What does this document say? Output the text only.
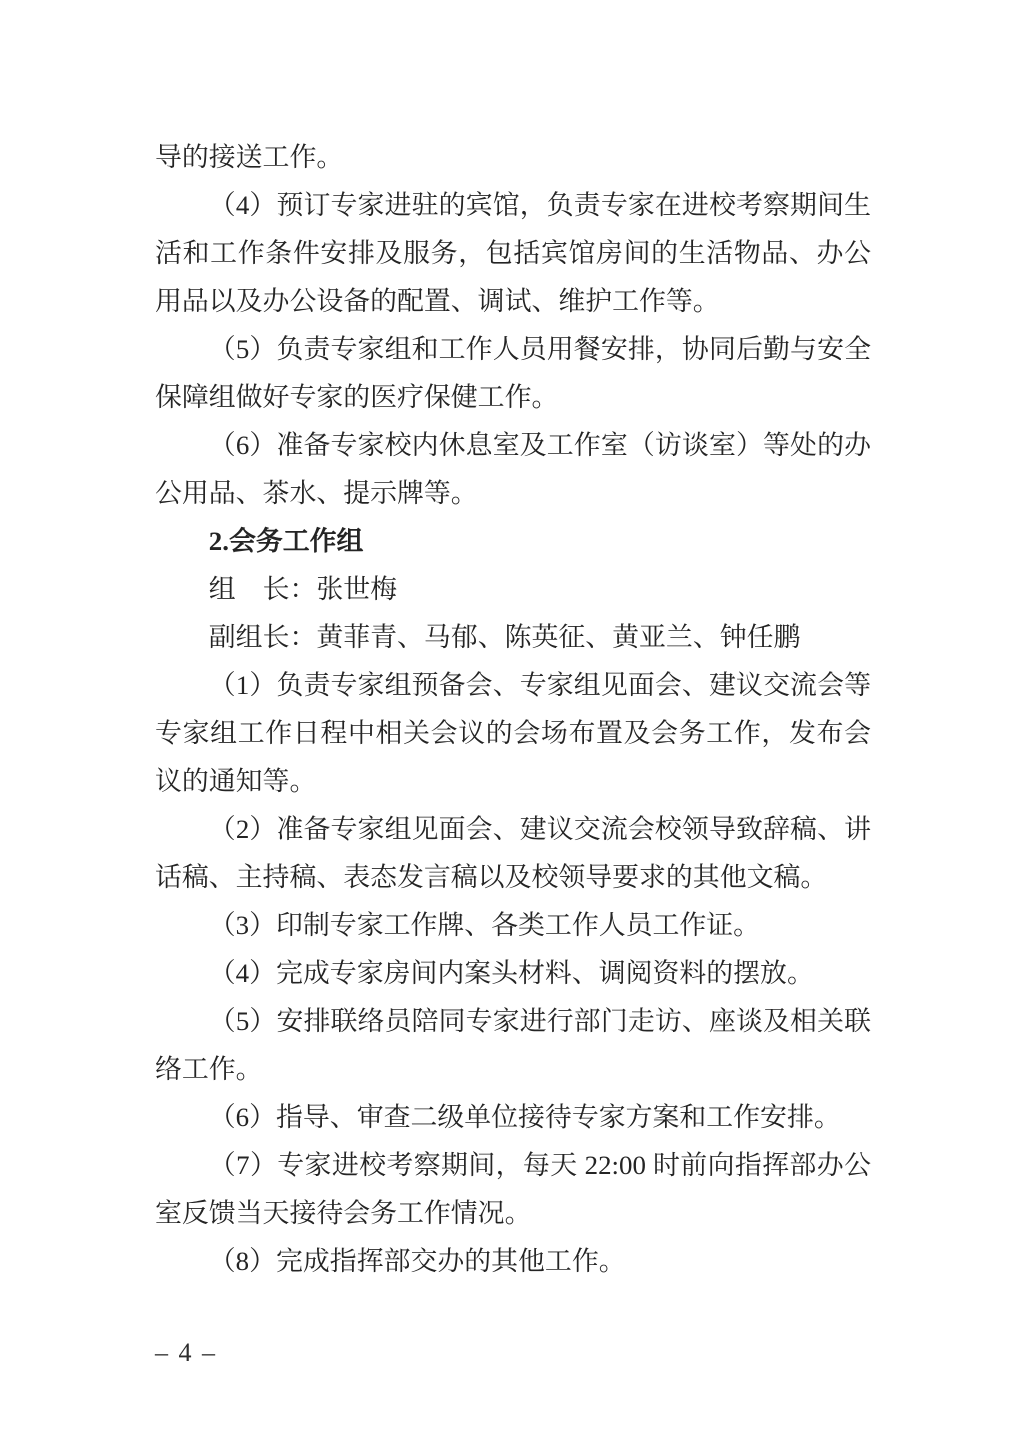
导的接送工作。

（4）预订专家进驻的宾馆，负责专家在进校考察期间生活和工作条件安排及服务，包括宾馆房间的生活物品、办公用品以及办公设备的配置、调试、维护工作等。

（5）负责专家组和工作人员用餐安排，协同后勤与安全保障组做好专家的医疗保健工作。

（6）准备专家校内休息室及工作室（访谈室）等处的办公用品、茶水、提示牌等。

2.会务工作组

组　长：张世梅

副组长：黄菲青、马郁、陈英征、黄亚兰、钟任鹏

（1）负责专家组预备会、专家组见面会、建议交流会等专家组工作日程中相关会议的会场布置及会务工作，发布会议的通知等。

（2）准备专家组见面会、建议交流会校领导致辞稿、讲话稿、主持稿、表态发言稿以及校领导要求的其他文稿。

（3）印制专家工作牌、各类工作人员工作证。

（4）完成专家房间内案头材料、调阅资料的摆放。

（5）安排联络员陪同专家进行部门走访、座谈及相关联络工作。

（6）指导、审查二级单位接待专家方案和工作安排。

（7）专家进校考察期间，每天 22:00 时前向指挥部办公室反馈当天接待会务工作情况。

（8）完成指挥部交办的其他工作。

– 4 –
